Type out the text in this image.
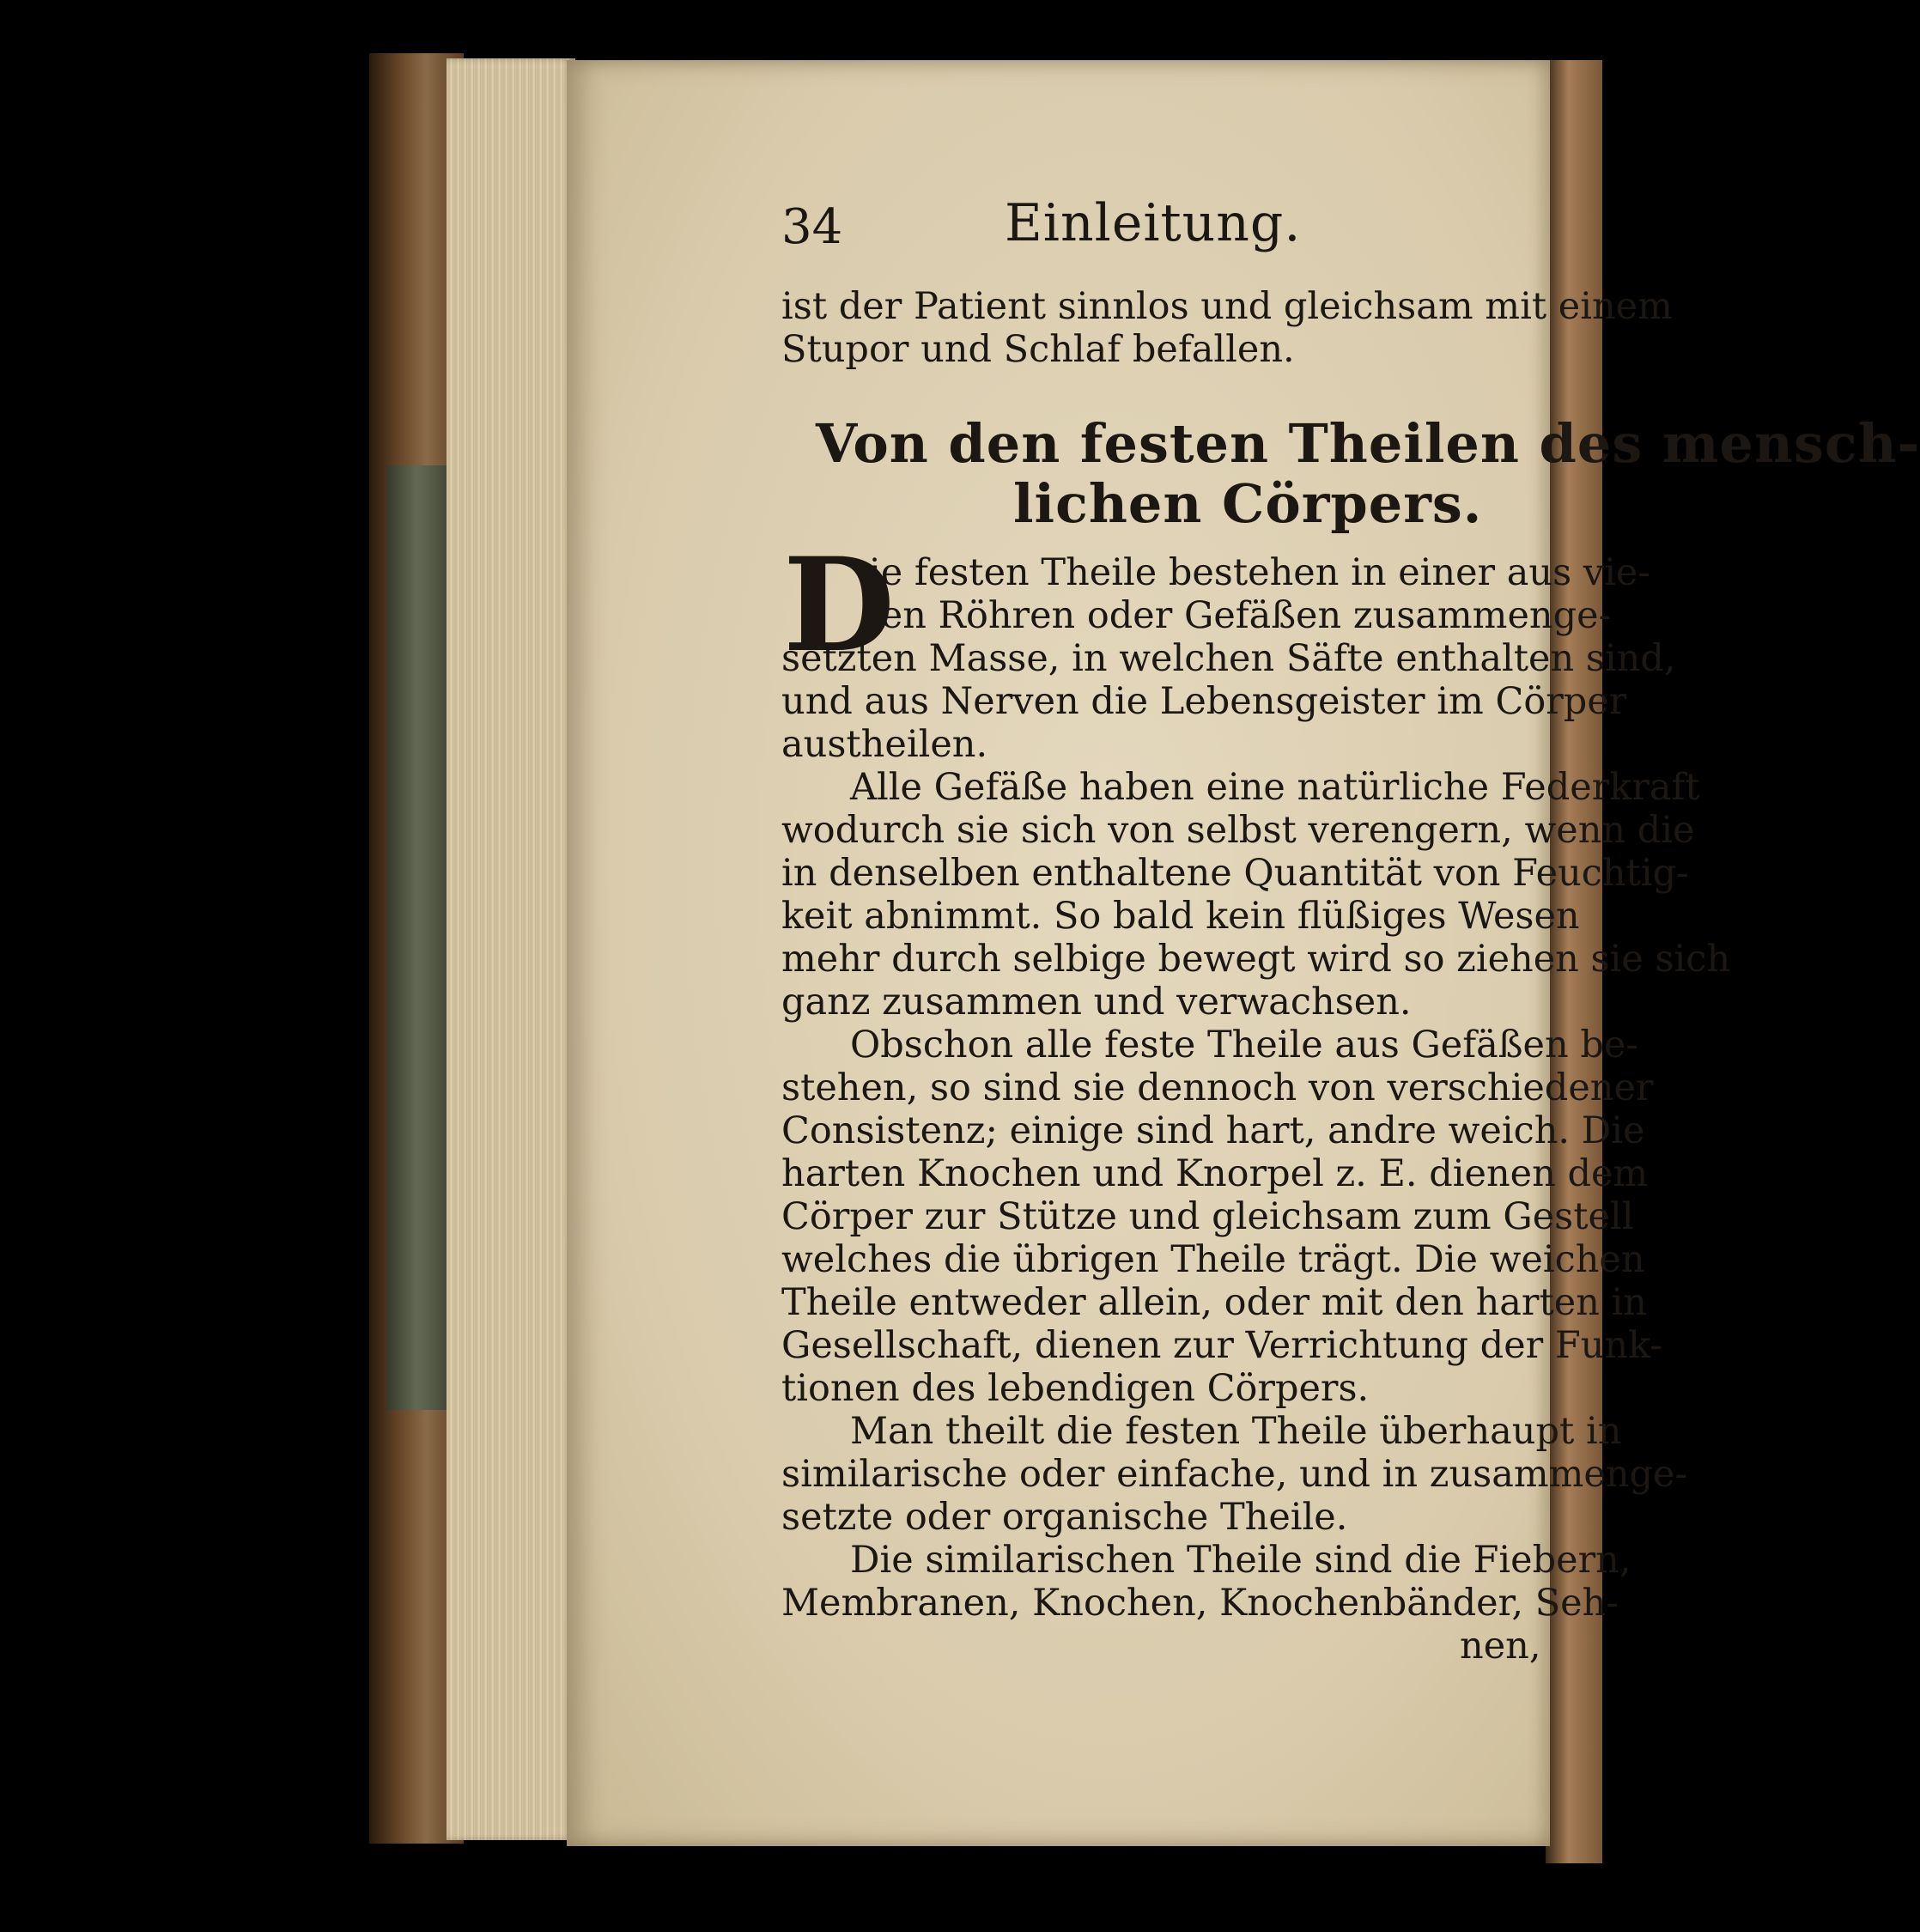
34	Einleitung.
ist der Patient sinnlos und gleichsam mit einem
Stupor und Schlaf befallen.
Von den festen Theilen des mensch-
lichen Cörpers.
D
ie festen Theile bestehen in einer aus vie-
len Röhren oder Gefäßen zusammenge-
setzten Masse, in welchen Säfte enthalten sind,
und aus Nerven die Lebensgeister im Cörper
austheilen.
Alle Gefäße haben eine natürliche Federkraft
wodurch sie sich von selbst verengern, wenn die
in denselben enthaltene Quantität von Feuchtig-
keit abnimmt. So bald kein flüßiges Wesen
mehr durch selbige bewegt wird so ziehen sie sich
ganz zusammen und verwachsen.
Obschon alle feste Theile aus Gefäßen be-
stehen, so sind sie dennoch von verschiedener
Consistenz; einige sind hart, andre weich. Die
harten Knochen und Knorpel z. E. dienen dem
Cörper zur Stütze und gleichsam zum Gestell
welches die übrigen Theile trägt. Die weichen
Theile entweder allein, oder mit den harten in
Gesellschaft, dienen zur Verrichtung der Funk-
tionen des lebendigen Cörpers.
Man theilt die festen Theile überhaupt in
similarische oder einfache, und in zusammenge-
setzte oder organische Theile.
Die similarischen Theile sind die Fiebern,
Membranen, Knochen, Knochenbänder, Seh-
nen,
